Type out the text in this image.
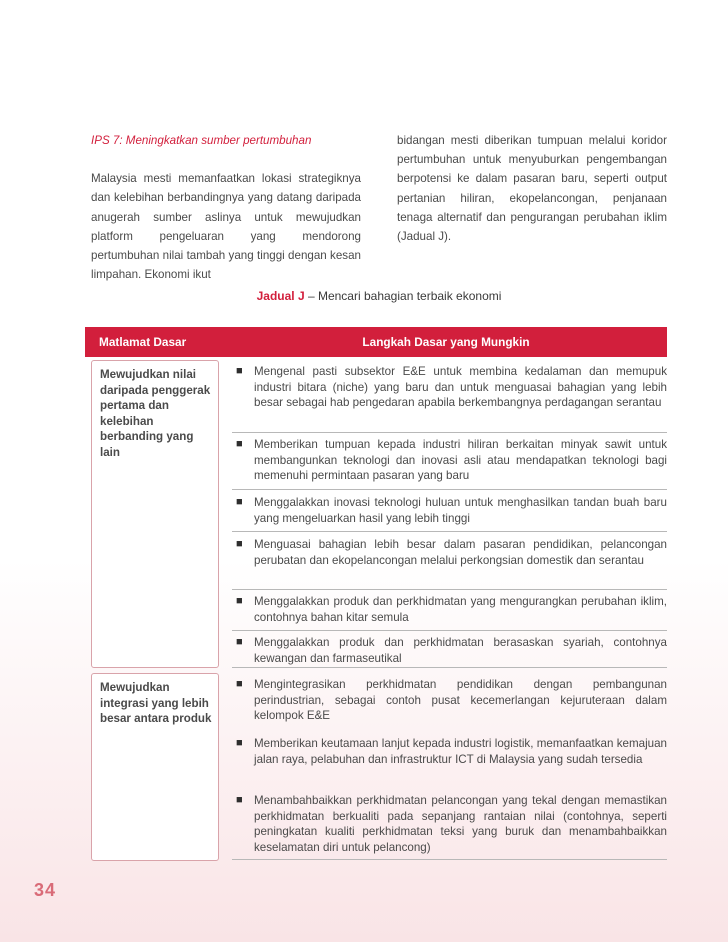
IPS 7: Meningkatkan sumber pertumbuhan

Malaysia mesti memanfaatkan lokasi strategiknya dan kelebihan berbandingnya yang datang daripada anugerah sumber aslinya untuk mewujudkan platform pengeluaran yang mendorong pertumbuhan nilai tambah yang tinggi dengan kesan limpahan. Ekonomi ikut

bidangan mesti diberikan tumpuan melalui koridor pertumbuhan untuk menyuburkan pengembangan berpotensi ke dalam pasaran baru, seperti output pertanian hiliran, ekopelancongan, penjanaan tenaga alternatif dan pengurangan perubahan iklim (Jadual J).

Jadual J – Mencari bahagian terbaik ekonomi
Matlamat Dasar	Langkah Dasar yang Mungkin
Mewujudkan nilai daripada penggerak pertama dan kelebihan berbanding yang lain
■ Mengenal pasti subsektor E&E untuk membina kedalaman dan memupuk industri bitara (niche) yang baru dan untuk menguasai bahagian yang lebih besar sebagai hab pengedaran apabila berkembangnya perdagangan serantau
■ Memberikan tumpuan kepada industri hiliran berkaitan minyak sawit untuk membangunkan teknologi dan inovasi asli atau mendapatkan teknologi bagi memenuhi permintaan pasaran yang baru
■ Menggalakkan inovasi teknologi huluan untuk menghasilkan tandan buah baru yang mengeluarkan hasil yang lebih tinggi
■ Menguasai bahagian lebih besar dalam pasaran pendidikan, pelancongan perubatan dan ekopelancongan melalui perkongsian domestik dan serantau
■ Menggalakkan produk dan perkhidmatan yang mengurangkan perubahan iklim, contohnya bahan kitar semula
■ Menggalakkan produk dan perkhidmatan berasaskan syariah, contohnya kewangan dan farmaseutikal
Mewujudkan integrasi yang lebih besar antara produk
■ Mengintegrasikan perkhidmatan pendidikan dengan pembangunan perindustrian, sebagai contoh pusat kecemerlangan kejuruteraan dalam kelompok E&E
■ Memberikan keutamaan lanjut kepada industri logistik, memanfaatkan kemajuan jalan raya, pelabuhan dan infrastruktur ICT di Malaysia yang sudah tersedia
■ Menambahbaikkan perkhidmatan pelancongan yang tekal dengan memastikan perkhidmatan berkualiti pada sepanjang rantaian nilai (contohnya, seperti peningkatan kualiti perkhidmatan teksi yang buruk dan menambahbaikkan keselamatan diri untuk pelancong)
34
